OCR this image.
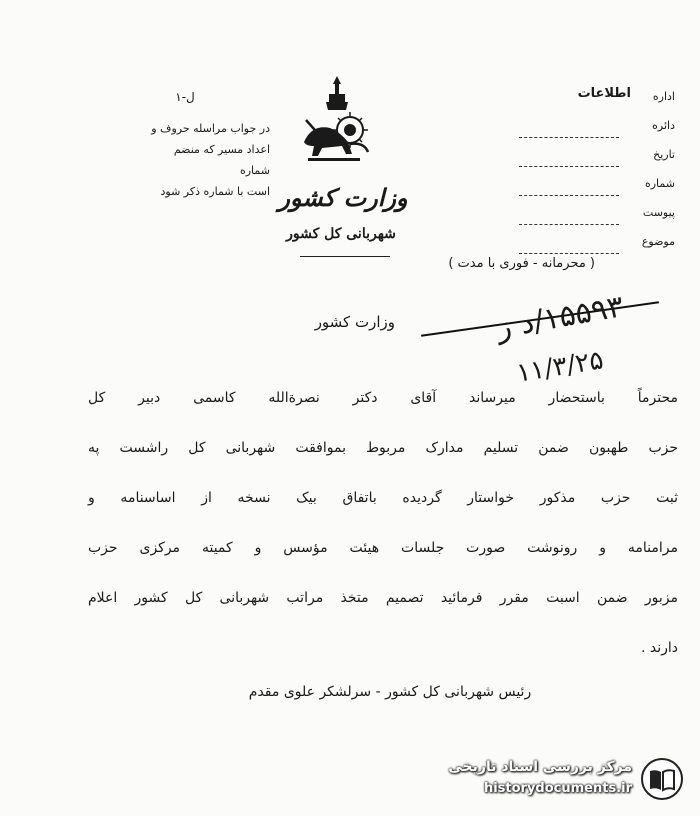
ل-۱
در جواب مراسله حروف و
اعداد مسیر که منضم شماره
است با شماره ذکر شود وزارت کشور
شهربانی کل کشور
اداره
اطلاعات
دائره
تاریخ
شماره
پیوست
موضوع
( محرمانه - فوری با مدت )
وزارت کشور	۱۵۵۹۳/د ز
۱۱/۳/۲۵
محترماً باستحضار میرساند آقای دکتر نصرةالله کاسمی دبیر کل
حزب طهبون ضمن تسلیم مدارک مربوط بموافقت شهربانی کل راشست په
ثبت حزب مذکور خواستار گردیده باتفاق بیک نسخه از اساسنامه و
مرامنامه و رونوشت صورت جلسات هیئت مؤسس و کمیته مرکزی حزب
مزبور ضمن اسبت مقرر فرمائید تصمیم متخذ مراتب شهربانی کل کشور اعلام
دارند .
رئیس شهربانی کل کشور - سرلشکر علوی مقدم
مرکز بررسی اسناد تاریخی
historydocuments.ir
